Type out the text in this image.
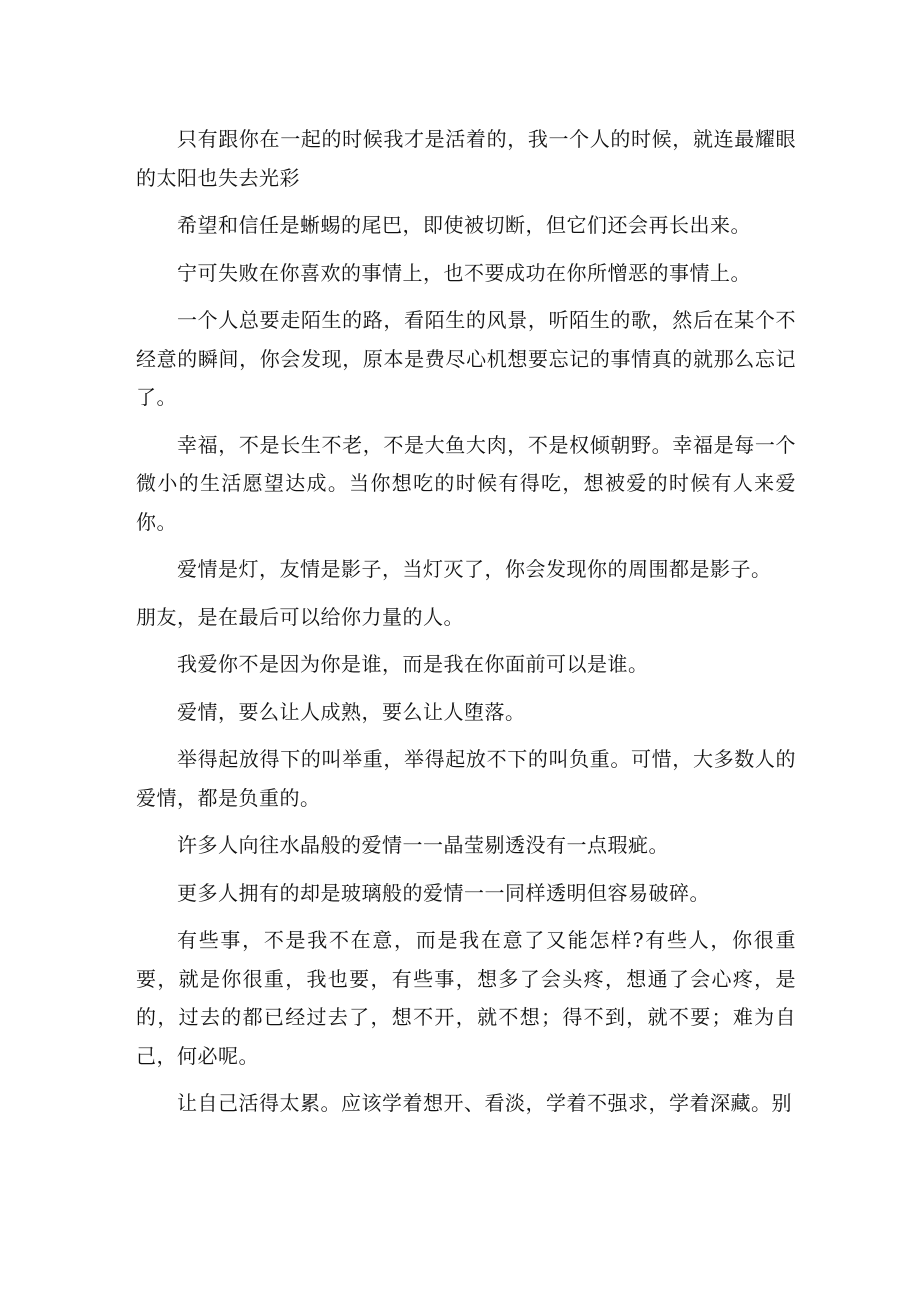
只有跟你在一起的时候我才是活着的，我一个人的时候，就连最耀眼的太阳也失去光彩

希望和信任是蜥蜴的尾巴，即使被切断，但它们还会再长出来。

宁可失败在你喜欢的事情上，也不要成功在你所憎恶的事情上。

一个人总要走陌生的路，看陌生的风景，听陌生的歌，然后在某个不经意的瞬间，你会发现，原本是费尽心机想要忘记的事情真的就那么忘记了。

幸福，不是长生不老，不是大鱼大肉，不是权倾朝野。幸福是每一个微小的生活愿望达成。当你想吃的时候有得吃，想被爱的时候有人来爱你。

爱情是灯，友情是影子，当灯灭了，你会发现你的周围都是影子。

朋友，是在最后可以给你力量的人。

我爱你不是因为你是谁，而是我在你面前可以是谁。

爱情，要么让人成熟，要么让人堕落。

举得起放得下的叫举重，举得起放不下的叫负重。可惜，大多数人的爱情，都是负重的。

许多人向往水晶般的爱情一一晶莹剔透没有一点瑕疵。

更多人拥有的却是玻璃般的爱情一一同样透明但容易破碎。

有些事，不是我不在意，而是我在意了又能怎样?有些人，你很重要，就是你很重，我也要，有些事，想多了会头疼，想通了会心疼，是的，过去的都已经过去了，想不开，就不想；得不到，就不要；难为自己，何必呢。

让自己活得太累。应该学着想开、看淡，学着不强求，学着深藏。别
